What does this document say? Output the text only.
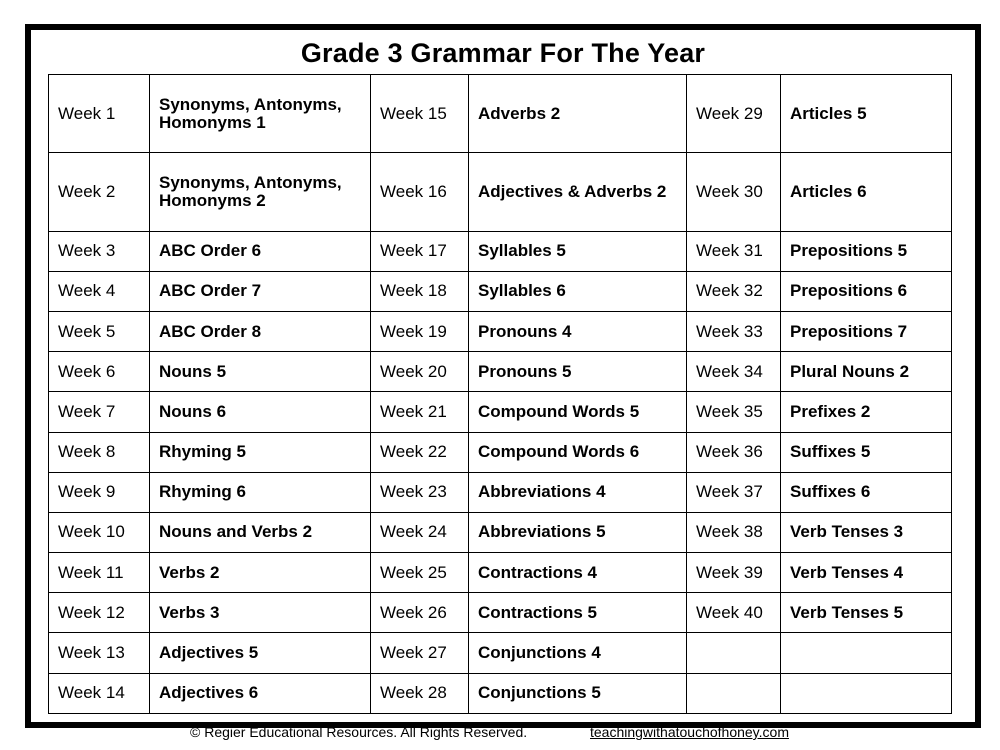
Grade 3 Grammar For The Year
Week 1	Synonyms, Antonyms, Homonyms 1	Week 15	Adverbs 2	Week 29	Articles 5
Week 2	Synonyms, Antonyms, Homonyms 2	Week 16	Adjectives & Adverbs 2	Week 30	Articles 6
Week 3	ABC Order 6	Week 17	Syllables 5	Week 31	Prepositions 5
Week 4	ABC Order 7	Week 18	Syllables 6	Week 32	Prepositions 6
Week 5	ABC Order 8	Week 19	Pronouns 4	Week 33	Prepositions 7
Week 6	Nouns 5	Week 20	Pronouns 5	Week 34	Plural Nouns 2
Week 7	Nouns 6	Week 21	Compound Words 5	Week 35	Prefixes 2
Week 8	Rhyming 5	Week 22	Compound Words 6	Week 36	Suffixes 5
Week 9	Rhyming 6	Week 23	Abbreviations 4	Week 37	Suffixes 6
Week 10	Nouns and Verbs 2	Week 24	Abbreviations 5	Week 38	Verb Tenses 3
Week 11	Verbs 2	Week 25	Contractions 4	Week 39	Verb Tenses 4
Week 12	Verbs 3	Week 26	Contractions 5	Week 40	Verb Tenses 5
Week 13	Adjectives 5	Week 27	Conjunctions 4		
Week 14	Adjectives 6	Week 28	Conjunctions 5		
© Regier Educational Resources. All Rights Reserved.	teachingwithatouchofhoney.com
